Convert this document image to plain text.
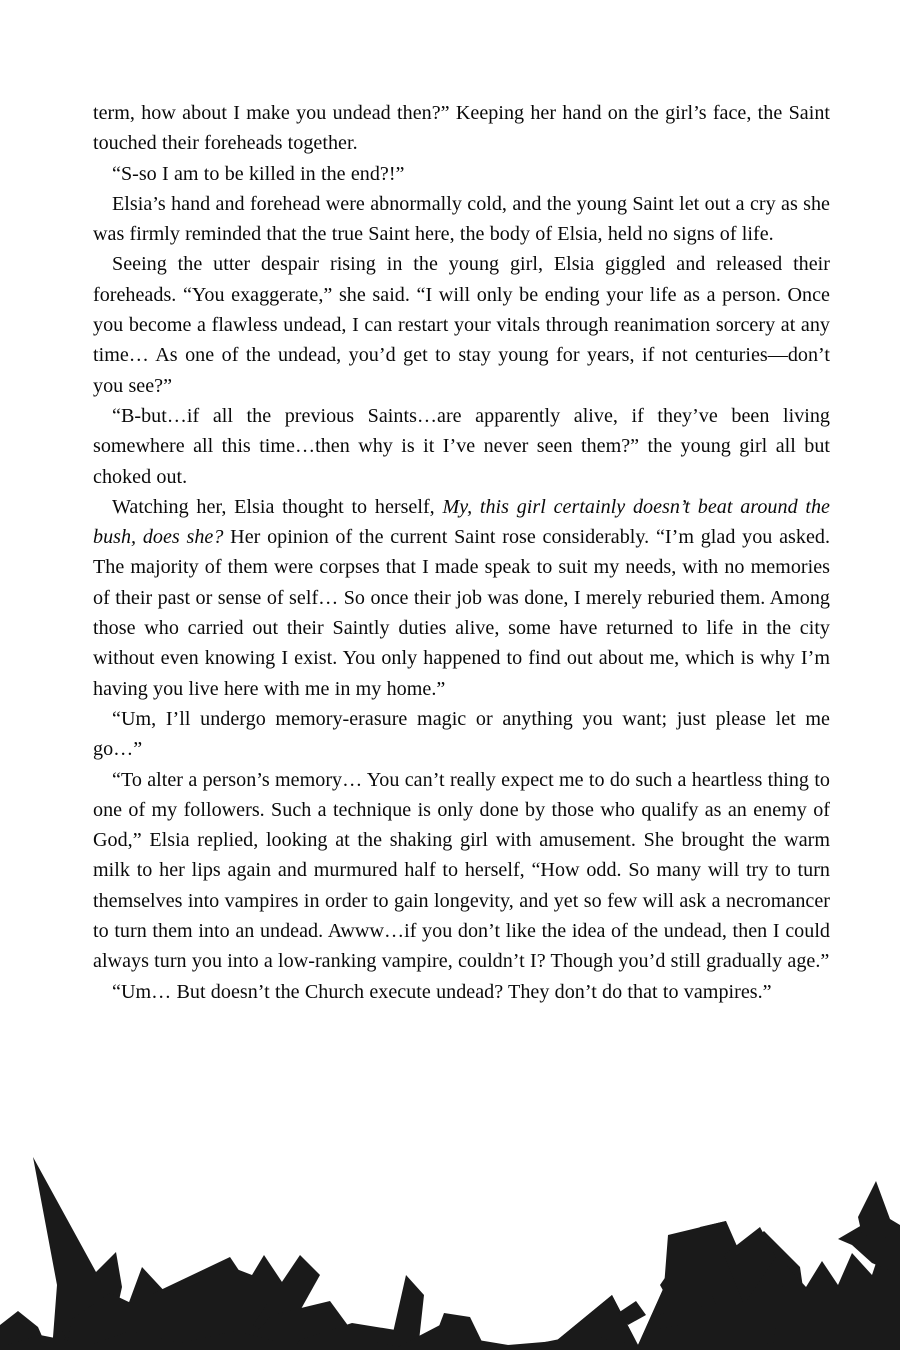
term, how about I make you undead then?” Keeping her hand on the girl’s face, the Saint touched their foreheads together.

“S-so I am to be killed in the end?!”

Elsia’s hand and forehead were abnormally cold, and the young Saint let out a cry as she was firmly reminded that the true Saint here, the body of Elsia, held no signs of life.

Seeing the utter despair rising in the young girl, Elsia giggled and released their foreheads. “You exaggerate,” she said. “I will only be ending your life as a person. Once you become a flawless undead, I can restart your vitals through reanimation sorcery at any time… As one of the undead, you’d get to stay young for years, if not centuries—don’t you see?”

“B-but…if all the previous Saints…are apparently alive, if they’ve been living somewhere all this time…then why is it I’ve never seen them?” the young girl all but choked out.

Watching her, Elsia thought to herself, My, this girl certainly doesn’t beat around the bush, does she? Her opinion of the current Saint rose considerably. “I’m glad you asked. The majority of them were corpses that I made speak to suit my needs, with no memories of their past or sense of self… So once their job was done, I merely reburied them. Among those who carried out their Saintly duties alive, some have returned to life in the city without even knowing I exist. You only happened to find out about me, which is why I’m having you live here with me in my home.”

“Um, I’ll undergo memory-erasure magic or anything you want; just please let me go…”

“To alter a person’s memory… You can’t really expect me to do such a heartless thing to one of my followers. Such a technique is only done by those who qualify as an enemy of God,” Elsia replied, looking at the shaking girl with amusement. She brought the warm milk to her lips again and murmured half to herself, “How odd. So many will try to turn themselves into vampires in order to gain longevity, and yet so few will ask a necromancer to turn them into an undead. Awww…if you don’t like the idea of the undead, then I could always turn you into a low-ranking vampire, couldn’t I? Though you’d still gradually age.”

“Um… But doesn’t the Church execute undead? They don’t do that to vampires.”
